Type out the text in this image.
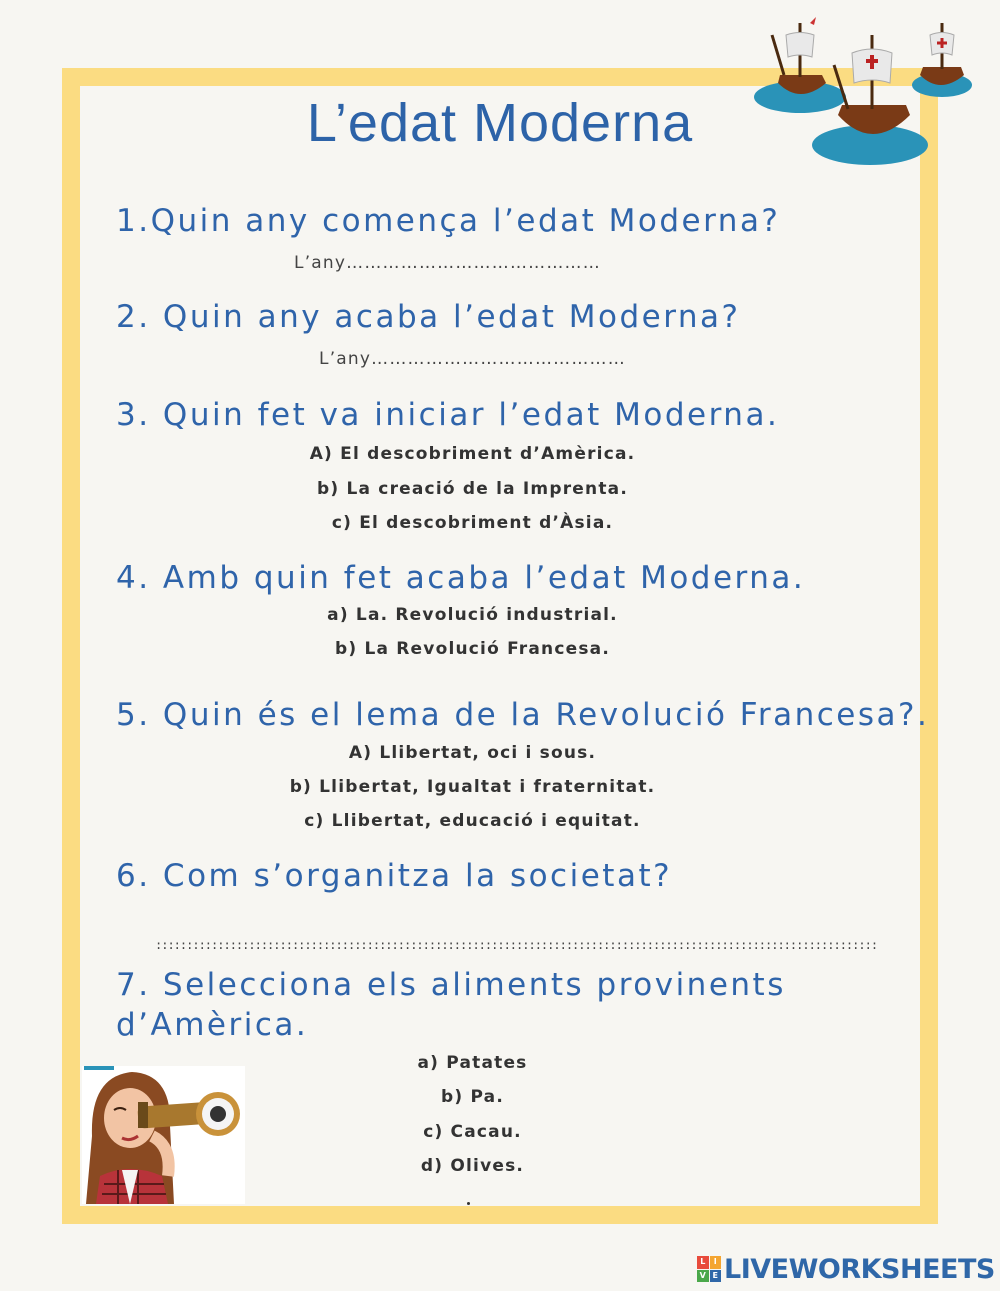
L’edat Moderna
1.Quin any comença l’edat Moderna?
L’any……………………………………
2. Quin any acaba l’edat Moderna?
L’any……………………………………
3. Quin fet va iniciar l’edat Moderna.
A) El descobriment d’Amèrica.
b) La creació de la Imprenta.
c) El descobriment d’Àsia.
4. Amb quin fet acaba l’edat Moderna.
a) La. Revolució industrial.
b) La Revolució Francesa.
5. Quin és el lema de la Revolució Francesa?.
A) Llibertat, oci i sous.
b) Llibertat, Igualtat i fraternitat.
c) Llibertat, educació i equitat.
6. Com s’organitza la societat?
::::::::::::::::::::::::::::::::::::::::::::::::::::::::::::::::::::::::::::::::::::::::::::::::::::::::::::::::::::
7. Selecciona els aliments provinents
d’Amèrica.
a) Patates
b) Pa.
c) Cacau.
d) Olives.
L	I
V E LIVEWORKSHEETS
